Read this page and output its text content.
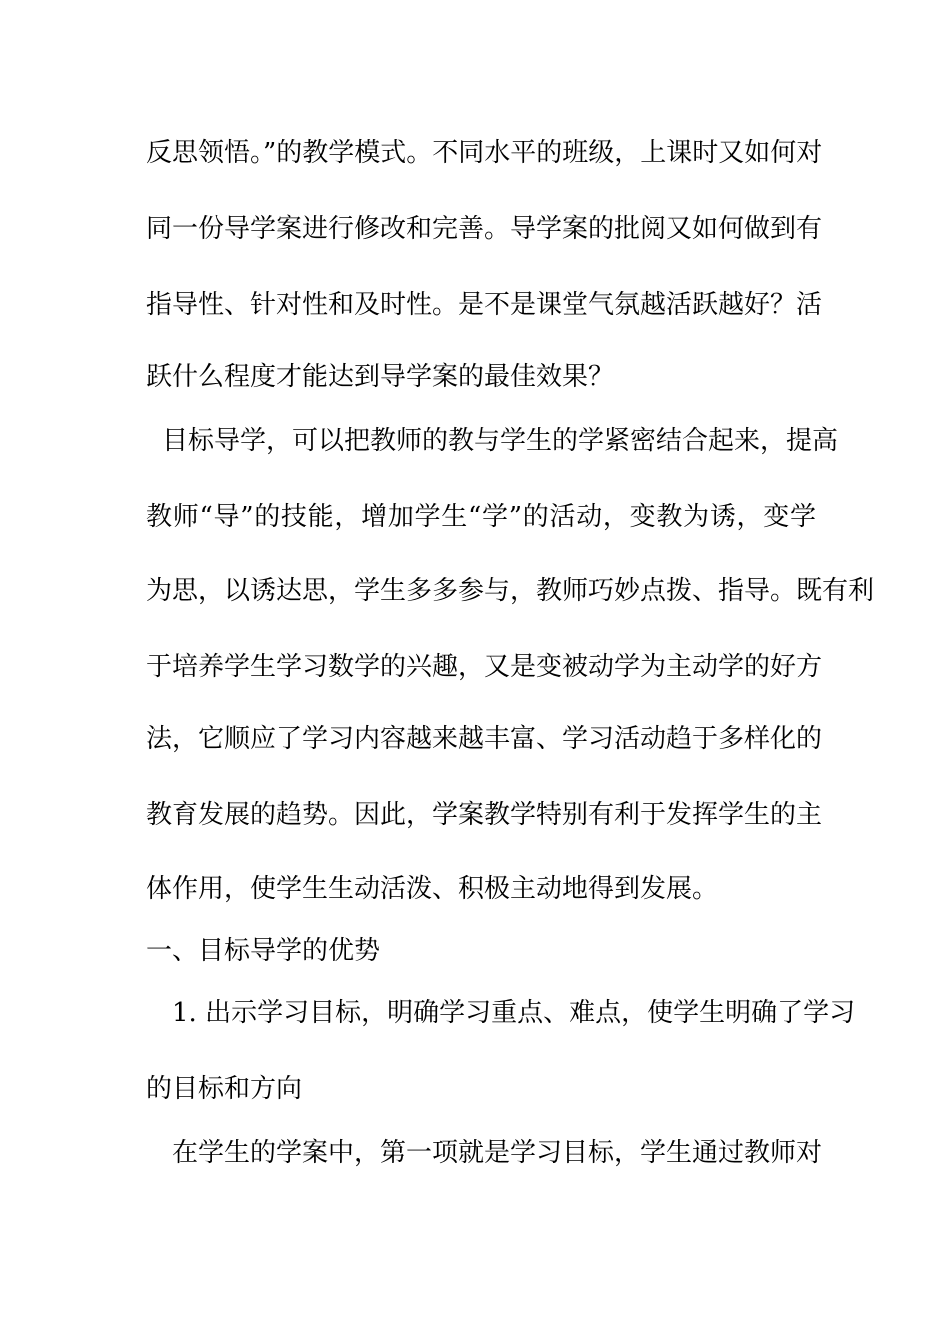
反思领悟。”的教学模式。不同水平的班级，上课时又如何对
同一份导学案进行修改和完善。导学案的批阅又如何做到有
指导性、针对性和及时性。是不是课堂气氛越活跃越好？活
跃什么程度才能达到导学案的最佳效果？
目标导学，可以把教师的教与学生的学紧密结合起来，提高
教师“导”的技能，增加学生“学”的活动，变教为诱，变学
为思，以诱达思，学生多多参与，教师巧妙点拨、指导。既有利
于培养学生学习数学的兴趣，又是变被动学为主动学的好方
法，它顺应了学习内容越来越丰富、学习活动趋于多样化的
教育发展的趋势。因此，学案教学特别有利于发挥学生的主
体作用，使学生生动活泼、积极主动地得到发展。
一、目标导学的优势
1. 出示学习目标，明确学习重点、难点，使学生明确了学习
的目标和方向
在学生的学案中，第一项就是学习目标，学生通过教师对
